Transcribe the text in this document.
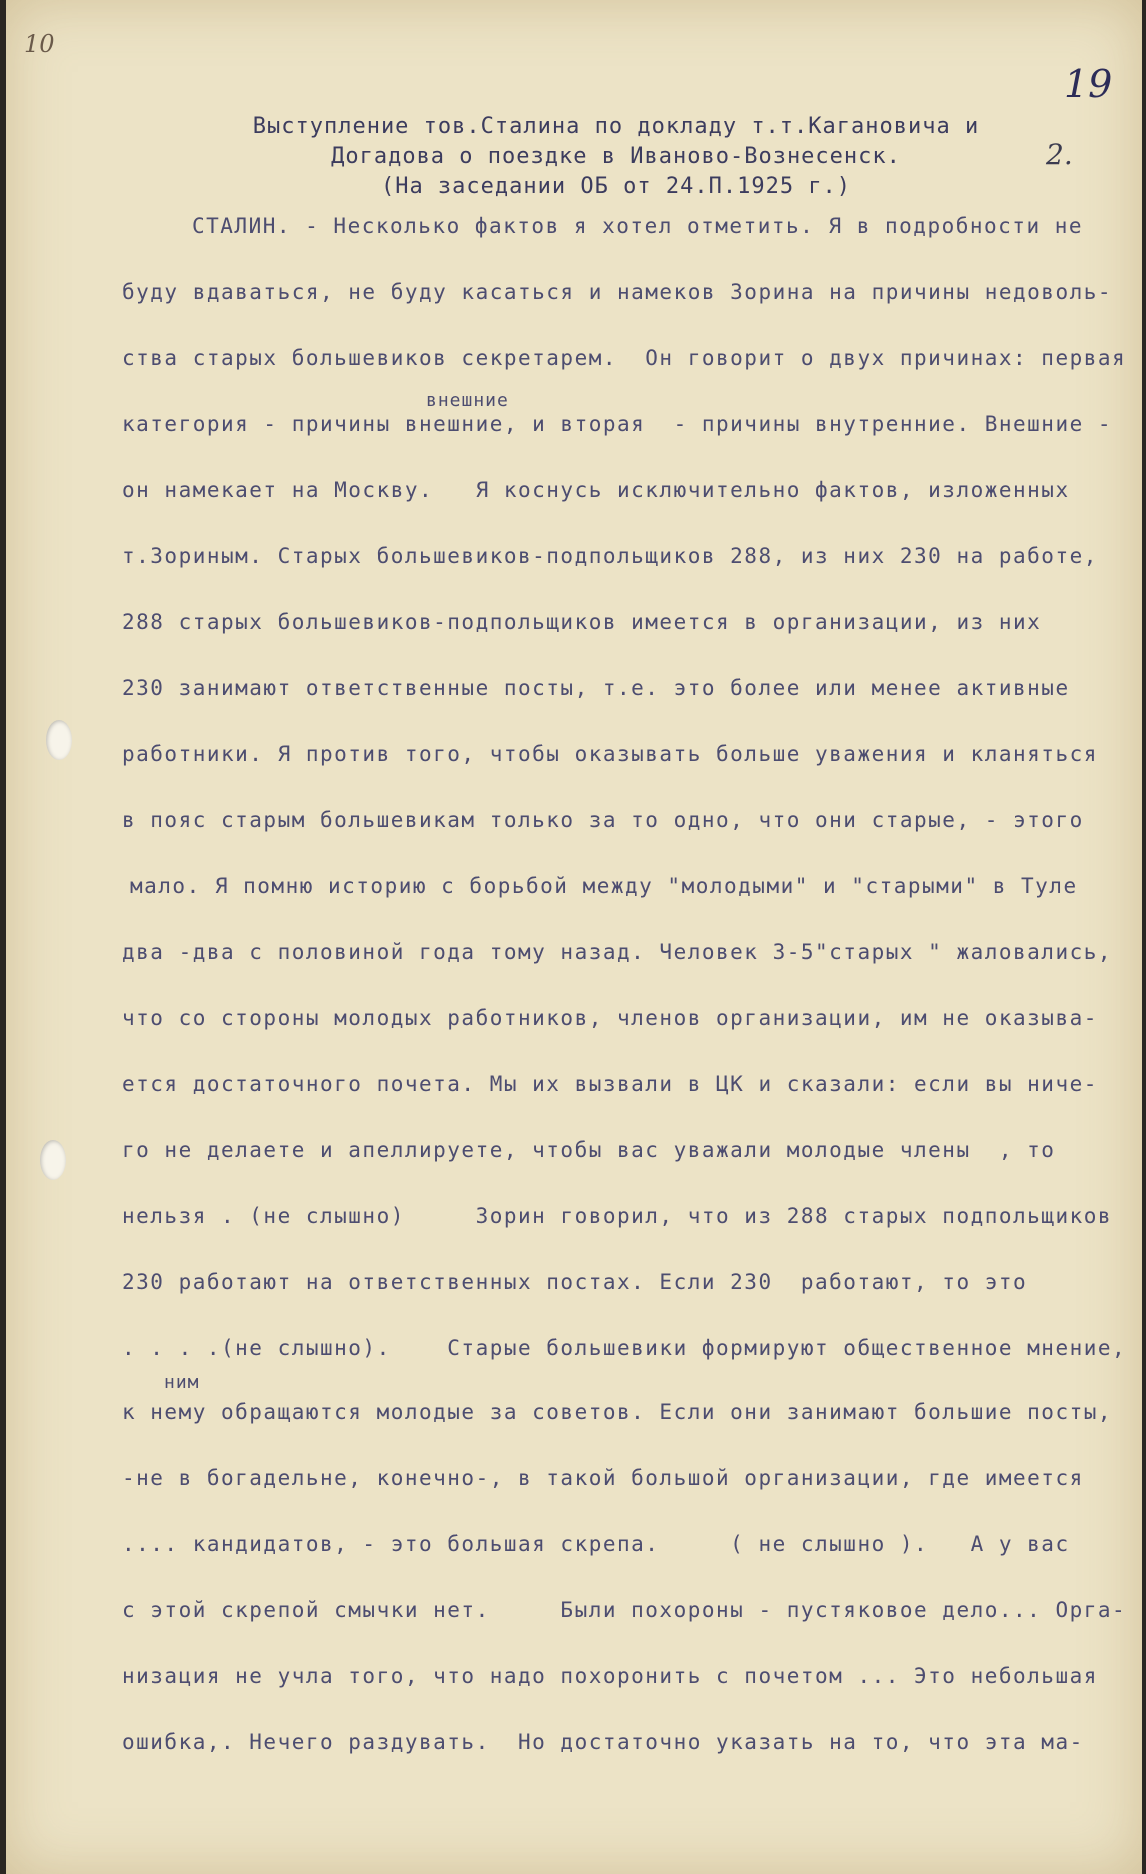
10
19
2.
Выступление тов.Сталина по докладу т.т.Кагановича и
Догадова о поездке в Иваново-Вознесенск.
(На заседании ОБ от 24.П.1925 г.)
СТАЛИН. - Несколько фактов я хотел отметить. Я в подробности не
буду вдаваться, не буду касаться и намеков Зорина на причины недоволь-
ства старых большевиков секретарем.  Он говорит о двух причинах: первая
внешние
категория - причины внешние, и вторая  - причины внутренние. Внешние -
он намекает на Москву.   Я коснусь исключительно фактов, изложенных
т.Зориным. Старых большевиков-подпольщиков 288, из них 230 на работе,
288 старых большевиков-подпольщиков имеется в организации, из них
230 занимают ответственные посты, т.е. это более или менее активные
работники. Я против того, чтобы оказывать больше уважения и кланяться
в пояс старым большевикам только за то одно, что они старые, - этого
мало. Я помню историю с борьбой между "молодыми" и "старыми" в Туле
два -два с половиной года тому назад. Человек 3-5"старых " жаловались,
что со стороны молодых работников, членов организации, им не оказыва-
ется достаточного почета. Мы их вызвали в ЦК и сказали: если вы ниче-
го не делаете и апеллируете, чтобы вас уважали молодые члены  , то
нельзя . (не слышно)     Зорин говорил, что из 288 старых подпольщиков
230 работают на ответственных постах. Если 230  работают, то это
. . . .(не слышно).    Старые большевики формируют общественное мнение,
ним
к нему обращаются молодые за советов. Если они занимают большие посты,
-не в богадельне, конечно-, в такой большой организации, где имеется
.... кандидатов, - это большая скрепа.     ( не слышно ).   А у вас
с этой скрепой смычки нет.     Были похороны - пустяковое дело... Орга-
низация не учла того, что надо похоронить с почетом ... Это небольшая
ошибка,. Нечего раздувать.  Но достаточно указать на то, что эта ма-
